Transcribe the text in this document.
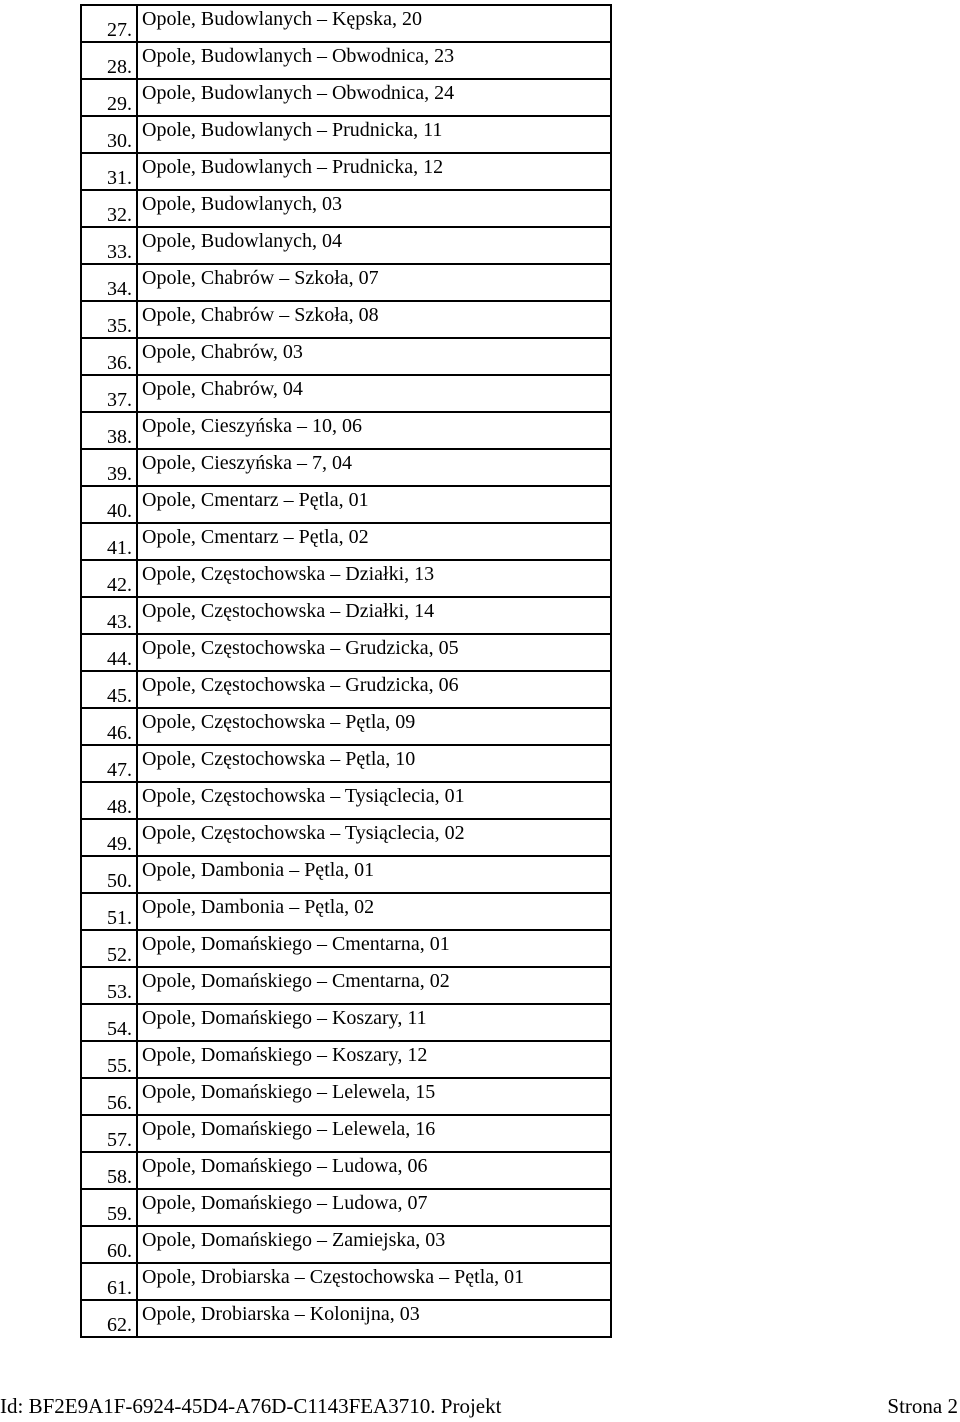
27.	Opole, Budowlanych – Kępska, 20
28.	Opole, Budowlanych – Obwodnica, 23
29.	Opole, Budowlanych – Obwodnica, 24
30.	Opole, Budowlanych – Prudnicka, 11
31.	Opole, Budowlanych – Prudnicka, 12
32.	Opole, Budowlanych, 03
33.	Opole, Budowlanych, 04
34.	Opole, Chabrów – Szkoła, 07
35.	Opole, Chabrów – Szkoła, 08
36.	Opole, Chabrów, 03
37.	Opole, Chabrów, 04
38.	Opole, Cieszyńska – 10, 06
39.	Opole, Cieszyńska – 7, 04
40.	Opole, Cmentarz – Pętla, 01
41.	Opole, Cmentarz – Pętla, 02
42.	Opole, Częstochowska – Działki, 13
43.	Opole, Częstochowska – Działki, 14
44.	Opole, Częstochowska – Grudzicka, 05
45.	Opole, Częstochowska – Grudzicka, 06
46.	Opole, Częstochowska – Pętla, 09
47.	Opole, Częstochowska – Pętla, 10
48.	Opole, Częstochowska – Tysiąclecia, 01
49.	Opole, Częstochowska – Tysiąclecia, 02
50.	Opole, Dambonia – Pętla, 01
51.	Opole, Dambonia – Pętla, 02
52.	Opole, Domańskiego – Cmentarna, 01
53.	Opole, Domańskiego – Cmentarna, 02
54.	Opole, Domańskiego – Koszary, 11
55.	Opole, Domańskiego – Koszary, 12
56.	Opole, Domańskiego – Lelewela, 15
57.	Opole, Domańskiego – Lelewela, 16
58.	Opole, Domańskiego – Ludowa, 06
59.	Opole, Domańskiego – Ludowa, 07
60.	Opole, Domańskiego – Zamiejska, 03
61.	Opole, Drobiarska – Częstochowska – Pętla, 01
62.	Opole, Drobiarska – Kolonijna, 03
Id: BF2E9A1F-6924-45D4-A76D-C1143FEA3710. Projekt	Strona 2
